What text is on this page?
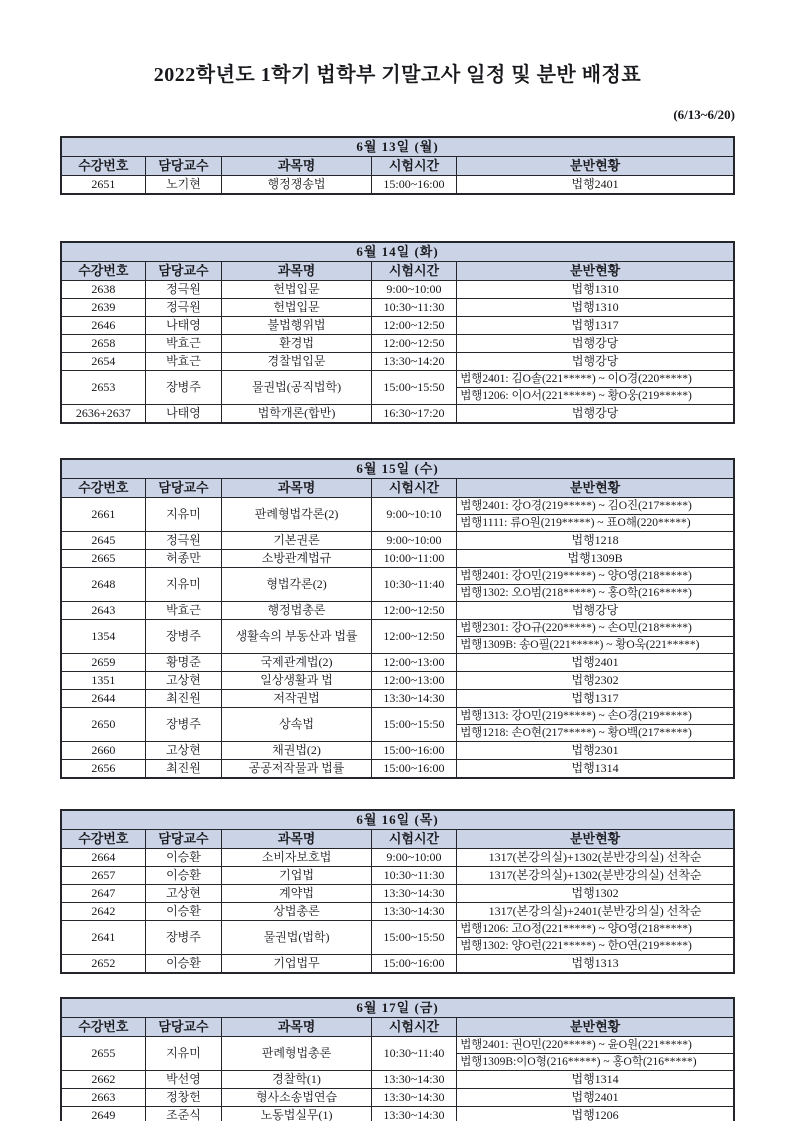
2022학년도 1학기 법학부 기말고사 일정 및 분반 배정표
(6/13~6/20)
6월 13일 (월)				
수강번호	담당교수	과목명	시험시간	분반현황
2651	노기현	행정쟁송법	15:00~16:00	법행2401
6월 14일 (화)				
수강번호	담당교수	과목명	시험시간	분반현황
2638	정극원	헌법입문	9:00~10:00	법행1310
2639	정극원	헌법입문	10:30~11:30	법행1310
2646	나태영	불법행위법	12:00~12:50	법행1317
2658	박효근	환경법	12:00~12:50	법행강당
2654	박효근	경찰법입문	13:30~14:20	법행강당
2653	장병주	물권법(공직법학)	15:00~15:50	법행2401: 김O솔(221*****) ~ 이O경(220*****)
				법행1206: 이O서(221*****) ~ 황O웅(219*****)
2636+2637	나태영	법학개론(합반)	16:30~17:20	법행강당
6월 15일 (수)				
수강번호	담당교수	과목명	시험시간	분반현황
2661	지유미	판례형법각론(2)	9:00~10:10	법행2401: 강O경(219*****) ~ 김O진(217*****)
				법행1111: 류O원(219*****) ~ 표O해(220*****)
2645	정극원	기본권론	9:00~10:00	법행1218
2665	허종만	소방관계법규	10:00~11:00	법행1309B
2648	지유미	형법각론(2)	10:30~11:40	법행2401: 강O민(219*****) ~ 양O영(218*****)
				법행1302: 오O범(218*****) ~ 홍O학(216*****)
2643	박효근	행정법총론	12:00~12:50	법행강당
1354	장병주	생활속의 부동산과 법률	12:00~12:50	법행2301: 강O규(220*****) ~ 손O민(218*****)
				법행1309B: 송O필(221*****) ~ 황O욱(221*****)
2659	황명준	국제관계법(2)	12:00~13:00	법행2401
1351	고상현	일상생활과 법	12:00~13:00	법행2302
2644	최진원	저작권법	13:30~14:30	법행1317
2650	장병주	상속법	15:00~15:50	법행1313: 강O민(219*****) ~ 손O경(219*****)
				법행1218: 손O현(217*****) ~ 황O백(217*****)
2660	고상현	채권법(2)	15:00~16:00	법행2301
2656	최진원	공공저작물과 법률	15:00~16:00	법행1314
6월 16일 (목)				
수강번호	담당교수	과목명	시험시간	분반현황
2664	이승환	소비자보호법	9:00~10:00	1317(본강의실)+1302(분반강의실) 선착순
2657	이승환	기업법	10:30~11:30	1317(본강의실)+1302(분반강의실) 선착순
2647	고상현	계약법	13:30~14:30	법행1302
2642	이승환	상법총론	13:30~14:30	1317(본강의실)+2401(분반강의실) 선착순
2641	장병주	물권법(법학)	15:00~15:50	법행1206: 고O정(221*****) ~ 양O영(218*****)
				법행1302: 양O런(221*****) ~ 한O연(219*****)
2652	이승환	기업법무	15:00~16:00	법행1313
6월 17일 (금)				
수강번호	담당교수	과목명	시험시간	분반현황
2655	지유미	판례형법총론	10:30~11:40	법행2401: 권O민(220*****) ~ 윤O원(221*****)
				법행1309B:이O형(216*****) ~ 홍O학(216*****)
2662	박선영	경찰학(1)	13:30~14:30	법행1314
2663	정창헌	형사소송법연습	13:30~14:30	법행2401
2649	조준식	노동법실무(1)	13:30~14:30	법행1206
